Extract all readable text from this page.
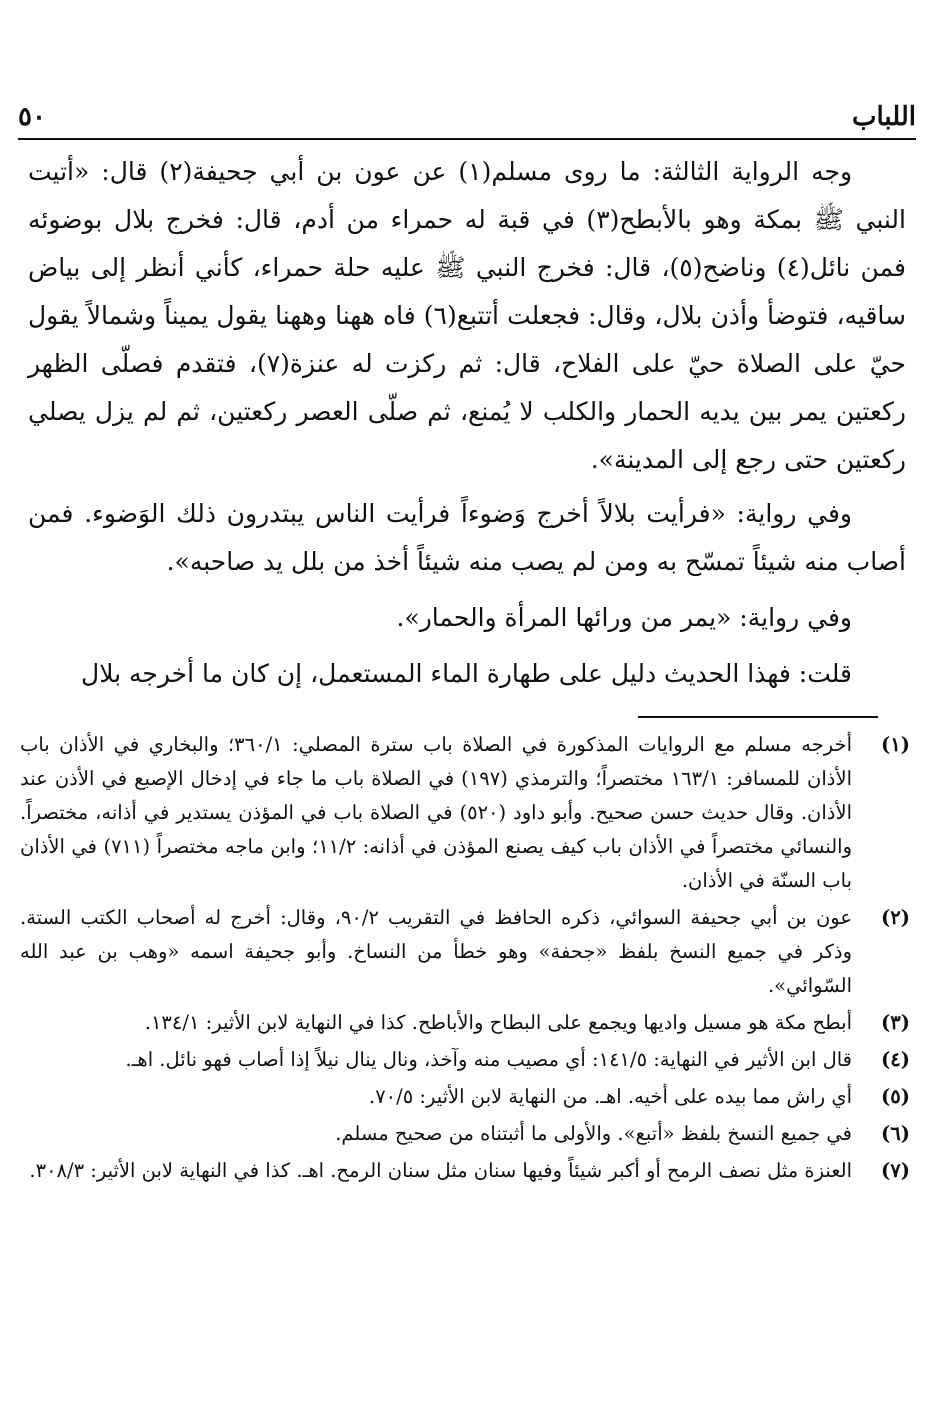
اللباب
٥٠

وجه الرواية الثالثة: ما روى مسلم(١) عن عون بن أبي جحيفة(٢) قال: «أتيت النبي ﷺ بمكة وهو بالأبطح(٣) في قبة له حمراء من أدم، قال: فخرج بلال بوضوئه فمن نائل(٤) وناضح(٥)، قال: فخرج النبي ﷺ عليه حلة حمراء، كأني أنظر إلى بياض ساقيه، فتوضأ وأذن بلال، وقال: فجعلت أتتبع(٦) فاه ههنا وههنا يقول يميناً وشمالاً يقول حيّ على الصلاة حيّ على الفلاح، قال: ثم ركزت له عنزة(٧)، فتقدم فصلّى الظهر ركعتين يمر بين يديه الحمار والكلب لا يُمنع، ثم صلّى العصر ركعتين، ثم لم يزل يصلي ركعتين حتى رجع إلى المدينة».

وفي رواية: «فرأيت بلالاً أخرج وَضوءاً فرأيت الناس يبتدرون ذلك الوَضوء. فمن أصاب منه شيئاً تمسّح به ومن لم يصب منه شيئاً أخذ من بلل يد صاحبه».

وفي رواية: «يمر من ورائها المرأة والحمار».

قلت: فهذا الحديث دليل على طهارة الماء المستعمل، إن كان ما أخرجه بلال

(١)
أخرجه مسلم مع الروايات المذكورة في الصلاة باب سترة المصلي: ٣٦٠/١؛ والبخاري في الأذان باب الأذان للمسافر: ١٦٣/١ مختصراً؛ والترمذي (١٩٧) في الصلاة باب ما جاء في إدخال الإصبع في الأذن عند الأذان. وقال حديث حسن صحيح. وأبو داود (٥٢٠) في الصلاة باب في المؤذن يستدير في أذانه، مختصراً. والنسائي مختصراً في الأذان باب كيف يصنع المؤذن في أذانه: ١١/٢؛ وابن ماجه مختصراً (٧١١) في الأذان باب السنّة في الأذان.
(٢)
عون بن أبي جحيفة السوائي، ذكره الحافظ في التقريب ٩٠/٢، وقال: أخرج له أصحاب الكتب الستة. وذكر في جميع النسخ بلفظ «جحفة» وهو خطأ من النساخ. وأبو جحيفة اسمه «وهب بن عبد الله السّوائي».
(٣)
أبطح مكة هو مسيل واديها ويجمع على البطاح والأباطح. كذا في النهاية لابن الأثير: ١٣٤/١.
(٤)
قال ابن الأثير في النهاية: ١٤١/٥: أي مصيب منه وآخذ، ونال ينال نيلاً إذا أصاب فهو نائل. اهـ.
(٥)
أي راش مما بيده على أخيه. اهـ. من النهاية لابن الأثير: ٧٠/٥.
(٦)
في جميع النسخ بلفظ «أتبع». والأولى ما أثبتناه من صحيح مسلم.
(٧)
العنزة مثل نصف الرمح أو أكبر شيئاً وفيها سنان مثل سنان الرمح. اهـ. كذا في النهاية لابن الأثير: ٣٠٨/٣.
